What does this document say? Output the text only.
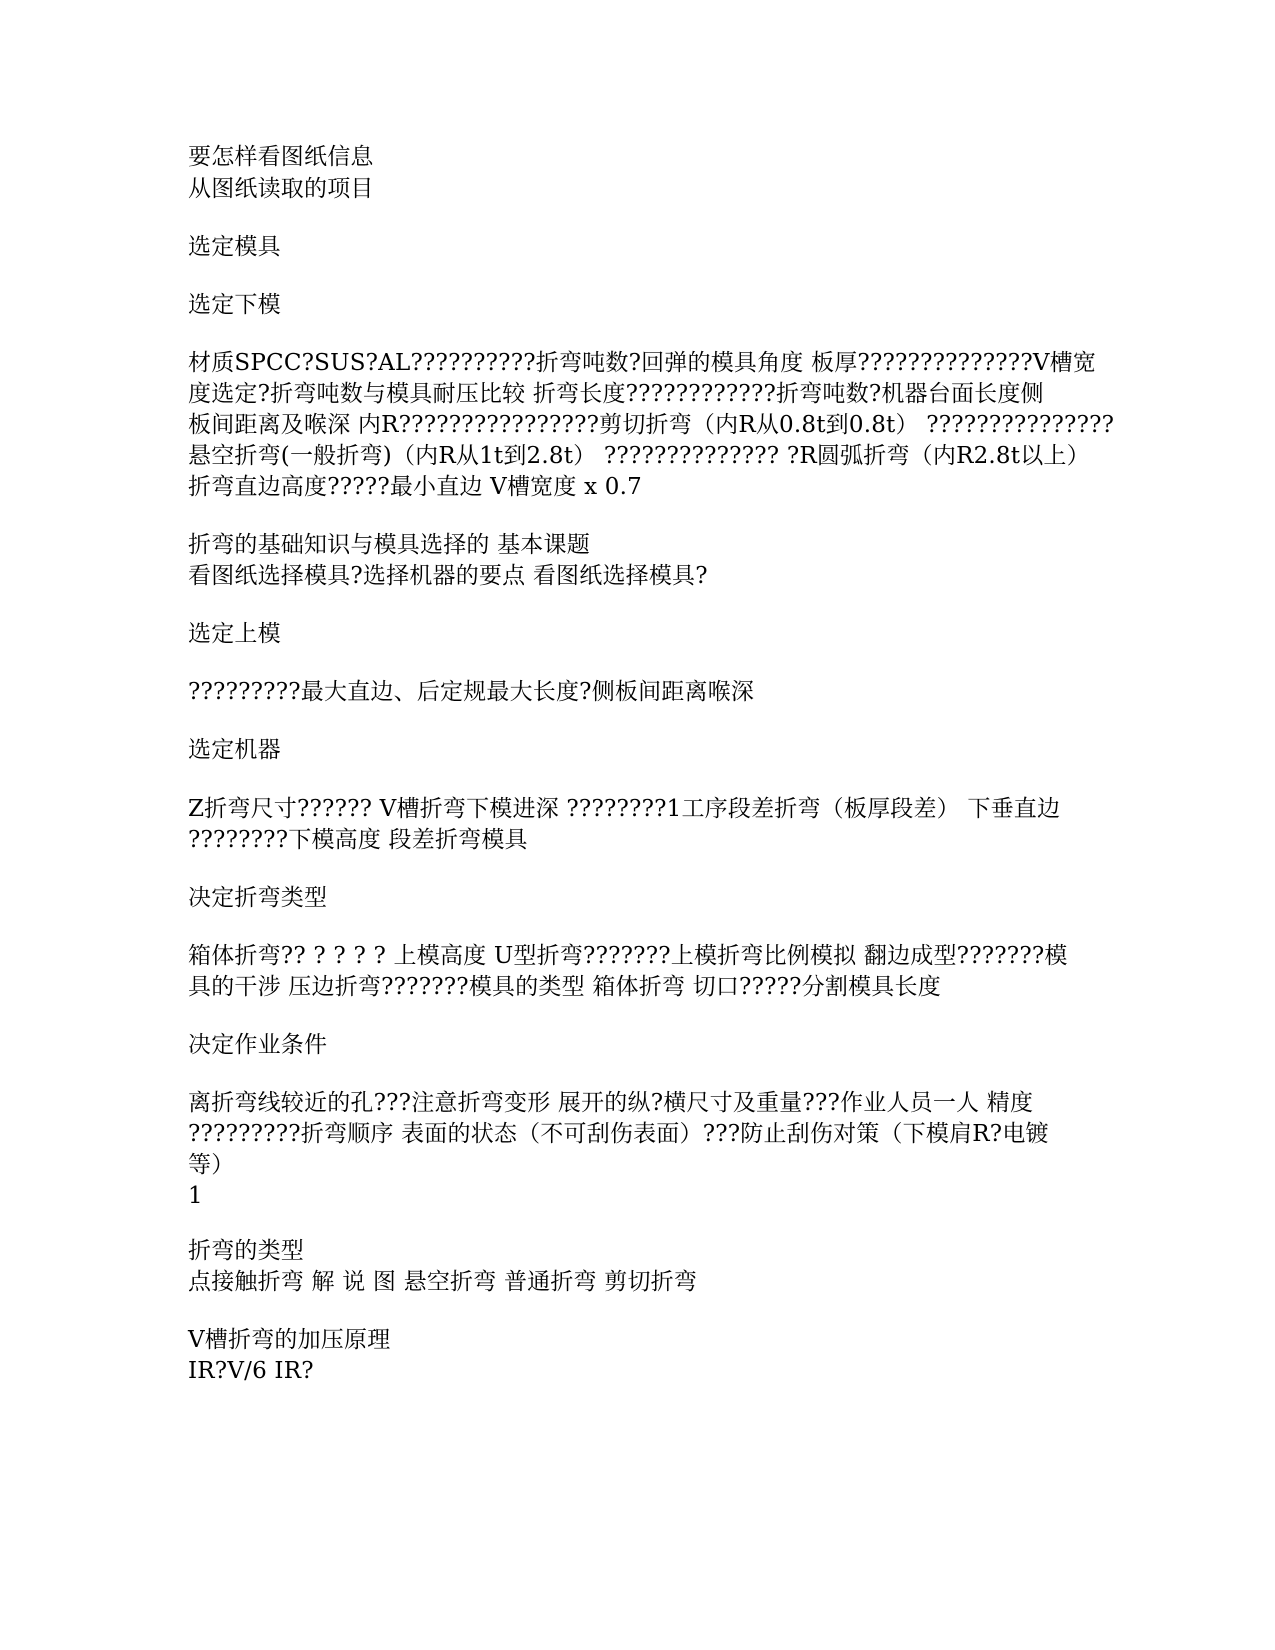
要怎样看图纸信息
从图纸读取的项目
选定模具
选定下模
材质SPCC?SUS?AL??????????折弯吨数?回弹的模具角度 板厚??????????????V槽宽
度选定?折弯吨数与模具耐压比较 折弯长度????????????折弯吨数?机器台面长度侧
板间距离及喉深 内R????????????????剪切折弯（内R从0.8t到0.8t） ???????????????
悬空折弯(一般折弯)（内R从1t到2.8t） ?????????????? ?R圆弧折弯（内R2.8t以上）
折弯直边高度?????最小直边 V槽宽度 x 0.7
折弯的基础知识与模具选择的 基本课题
看图纸选择模具?选择机器的要点 看图纸选择模具?
选定上模
?????????最大直边、后定规最大长度?侧板间距离喉深
选定机器
Z折弯尺寸?????? V槽折弯下模进深 ????????1工序段差折弯（板厚段差） 下垂直边
????????下模高度 段差折弯模具
决定折弯类型
箱体折弯?? ? ? ? ? 上模高度 U型折弯???????上模折弯比例模拟 翻边成型???????模
具的干涉 压边折弯???????模具的类型 箱体折弯 切口?????分割模具长度
决定作业条件
离折弯线较近的孔???注意折弯变形 展开的纵?横尺寸及重量???作业人员一人 精度
?????????折弯顺序 表面的状态（不可刮伤表面）???防止刮伤对策（下模肩R?电镀
等）
1
折弯的类型
点接触折弯 解 说 图 悬空折弯 普通折弯 剪切折弯
V槽折弯的加压原理
IR?V/6 IR?
